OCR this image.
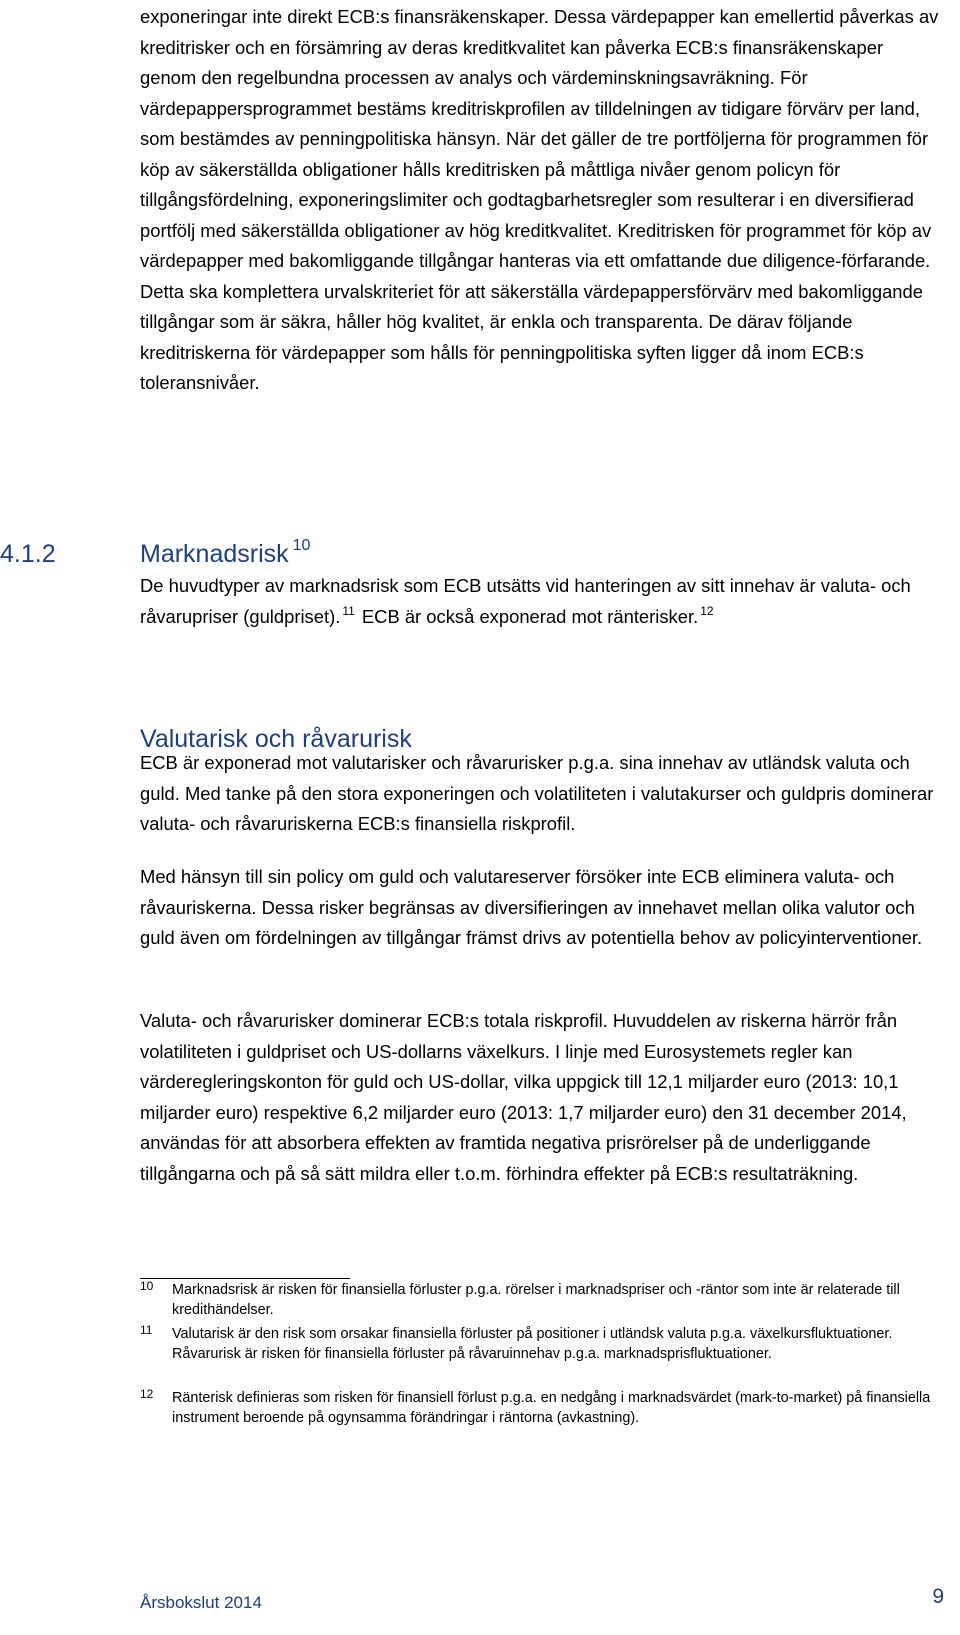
exponeringar inte direkt ECB:s finansräkenskaper. Dessa värdepapper kan emellertid påverkas av kreditrisker och en försämring av deras kreditkvalitet kan påverka ECB:s finansräkenskaper genom den regelbundna processen av analys och värdeminskningsavräkning. För värdepappersprogrammet bestäms kreditriskprofilen av tilldelningen av tidigare förvärv per land, som bestämdes av penningpolitiska hänsyn. När det gäller de tre portföljerna för programmen för köp av säkerställda obligationer hålls kreditrisken på måttliga nivåer genom policyn för tillgångsfördelning, exponeringslimiter och godtagbarhetsregler som resulterar i en diversifierad portfölj med säkerställda obligationer av hög kreditkvalitet. Kreditrisken för programmet för köp av värdepapper med bakomliggande tillgångar hanteras via ett omfattande due diligence-förfarande. Detta ska komplettera urvalskriteriet för att säkerställa värdepappersförvärv med bakomliggande tillgångar som är säkra, håller hög kvalitet, är enkla och transparenta. De därav följande kreditriskerna för värdepapper som hålls för penningpolitiska syften ligger då inom ECB:s toleransnivåer.

4.1.2	Marknadsrisk $^{10}$

De huvudtyper av marknadsrisk som ECB utsätts vid hanteringen av sitt innehav är valuta- och råvarupriser (guldpriset). $^{11}$ ECB är också exponerad mot ränterisker. $^{12}$

Valutarisk och råvarurisk

ECB är exponerad mot valutarisker och råvarurisker p.g.a. sina innehav av utländsk valuta och guld. Med tanke på den stora exponeringen och volatiliteten i valutakurser och guldpris dominerar valuta- och råvaruriskerna ECB:s finansiella riskprofil.

Med hänsyn till sin policy om guld och valutareserver försöker inte ECB eliminera valuta- och råvauriskerna. Dessa risker begränsas av diversifieringen av innehavet mellan olika valutor och guld även om fördelningen av tillgångar främst drivs av potentiella behov av policyinterventioner.

Valuta- och råvarurisker dominerar ECB:s totala riskprofil. Huvuddelen av riskerna härrör från volatiliteten i guldpriset och US-dollarns växelkurs. I linje med Eurosystemets regler kan värderegleringskonton för guld och US-dollar, vilka uppgick till 12,1 miljarder euro (2013: 10,1 miljarder euro) respektive 6,2 miljarder euro (2013: 1,7 miljarder euro) den 31 december 2014, användas för att absorbera effekten av framtida negativa prisrörelser på de underliggande tillgångarna och på så sätt mildra eller t.o.m. förhindra effekter på ECB:s resultaträkning.

10 Marknadsrisk är risken för finansiella förluster p.g.a. rörelser i marknadspriser och -räntor som inte är relaterade till kredithändelser.
11 Valutarisk är den risk som orsakar finansiella förluster på positioner i utländsk valuta p.g.a. växelkursfluktuationer. Råvarurisk är risken för finansiella förluster på råvaruinnehav p.g.a. marknadsprisfluktuationer.
12 Ränterisk definieras som risken för finansiell förlust p.g.a. en nedgång i marknadsvärdet (mark-to-market) på finansiella instrument beroende på ogynsamma förändringar i räntorna (avkastning).
Årsbokslut 2014	9
